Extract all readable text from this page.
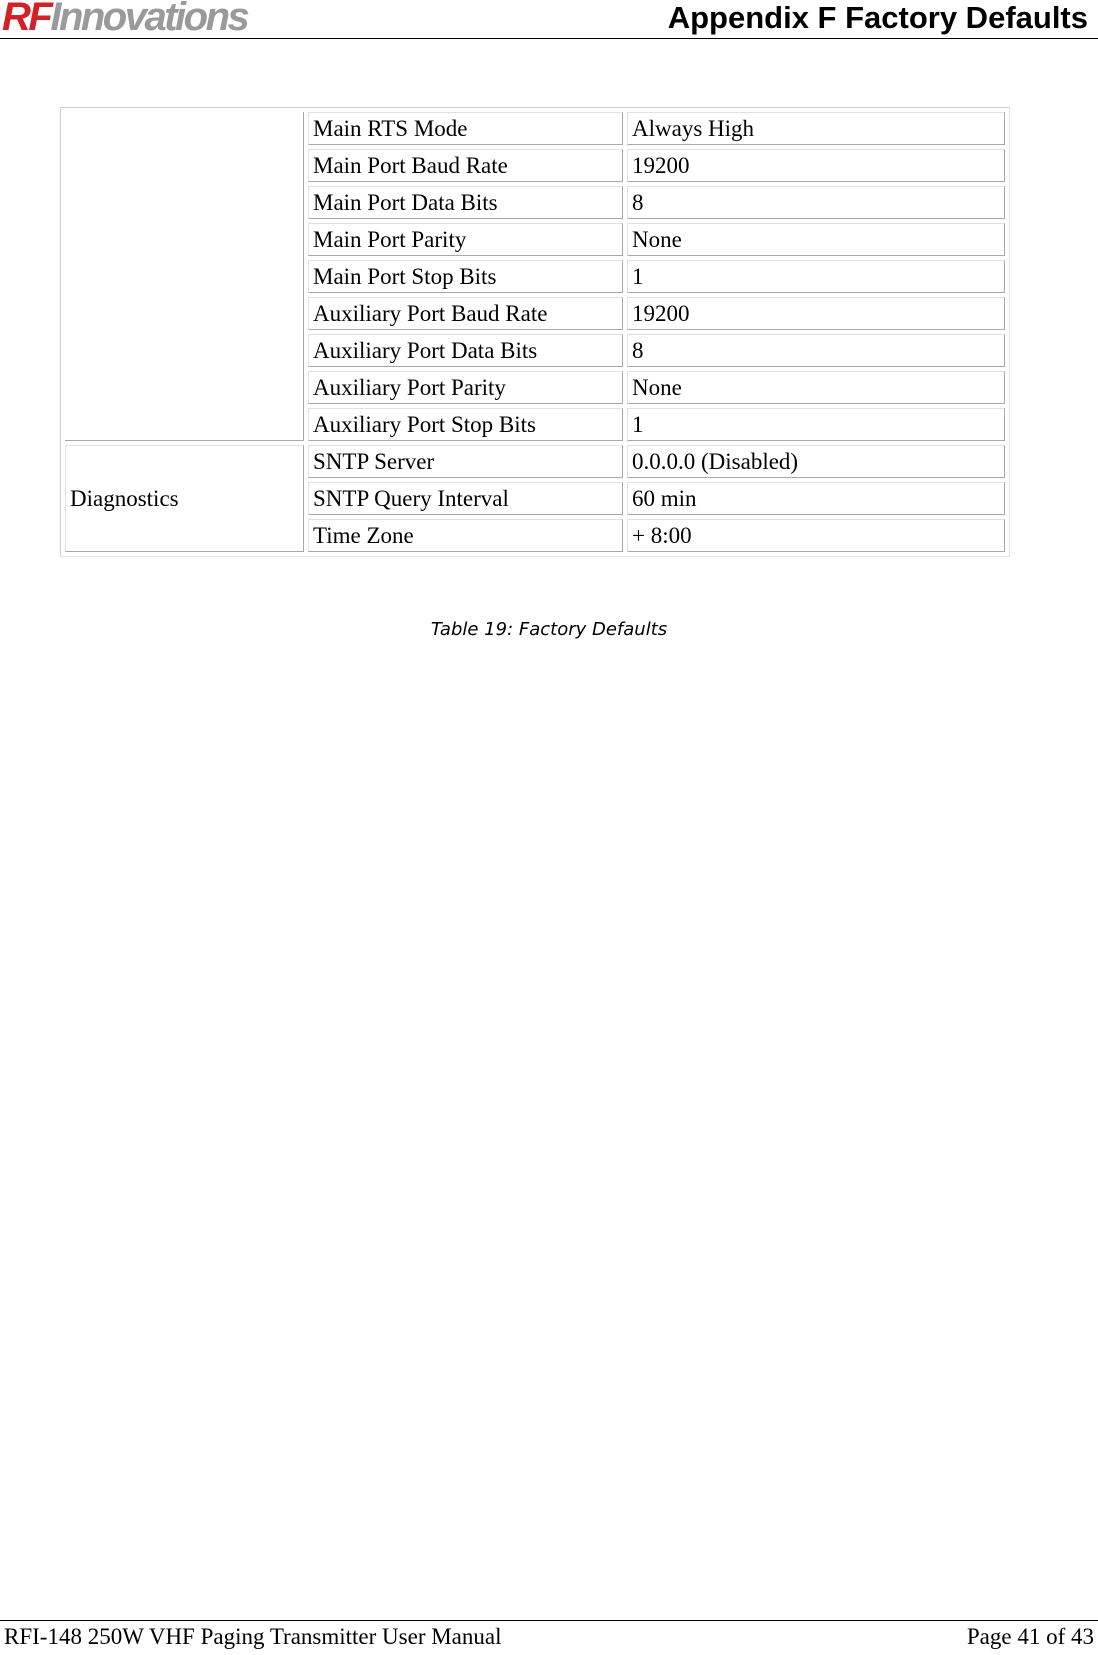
RFInnovations	Appendix F Factory Defaults
	Main RTS Mode	Always High
	Main Port Baud Rate	19200
	Main Port Data Bits	8
	Main Port Parity	None
	Main Port Stop Bits	1
	Auxiliary Port Baud Rate	19200
	Auxiliary Port Data Bits	8
	Auxiliary Port Parity	None
	Auxiliary Port Stop Bits	1
Diagnostics	SNTP Server	0.0.0.0 (Disabled)
	SNTP Query Interval	60 min
	Time Zone	+ 8:00
Table 19: Factory Defaults
RFI-148 250W VHF Paging Transmitter User Manual	Page 41 of 43
